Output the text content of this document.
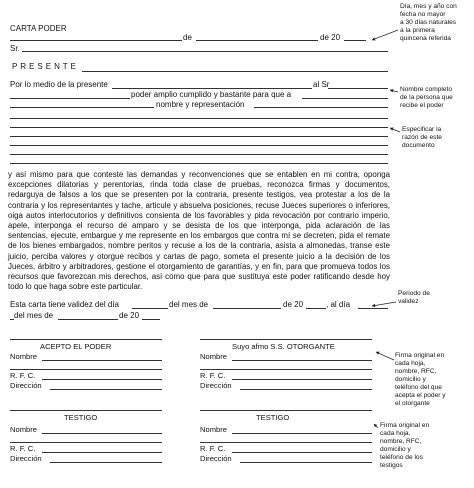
CARTA PODER
de	de 20
Sr.
P R E S E N T E
Por lo medio de la presente	al Sr
poder amplio cumplido y bastante para que a
nombre y representación
y así mismo para que conteste las demandas y reconvenciones que se entablen en mi contra, oponga excepciones dilatorias y perentorias, rinda toda clase de pruebas, reconozca firmas y documentos, redarguya de falsos a los que se presenten por la contraria, presente testigos, vea protestar a los de la contraria y los representantes y tache, articule y absuelva posiciones, recuse Jueces superiores o inferiores, oiga autos interlocutorios y definitivos consienta de los favorables y pida revocación por contrario imperio, apele, interponga el recurso de amparo y se desista de los que interponga, pida aclaración de las sentencias, ejecute, embargue y me represente en los embargos que contra mí se decreten, pida el remate de los bienes embargados, nombre peritos y recuse a los de la contraria, asista a almonedas, transe este juicio, perciba valores y otorgue recibos y cartas de pago, someta el presente juicio a la decisión de los Jueces, árbitro y arbitradores, gestione el otorgamiento de garantías, y en fin, para que promueva todos los recursos que favorezcan mis derechos, así como que para que sustituya este poder ratificando desde hoy todo lo que haga sobre este particular.
Esta carta tiene validez del día	del mes de	de 20	, al día
del mes de	de 20
ACEPTO EL PODER
Nombre
R. F. C.
Dirección
Suyo afmo S.S. OTORGANTE
Nombre
R. F. C.
Dirección
TESTIGO
Nombre
R. F. C.
Dirección
TESTIGO
Nombre
R. F. C.
Dirección
Día, mes y año con
fecha no mayor
a 30 días naturales
a la primera
quincena referida
Nombre completo
de la persona que
recibe el poder
Especificar la
razón de este
documento
Periodo de
validez
Firma original en
cada hoja,
nombre, RFC,
domicilio y
teléfono del que
acepta el poder y
el otorgante
Firma original en
cada hoja,
nombre, RFC,
domicilio y
teléfono de los
testigos
